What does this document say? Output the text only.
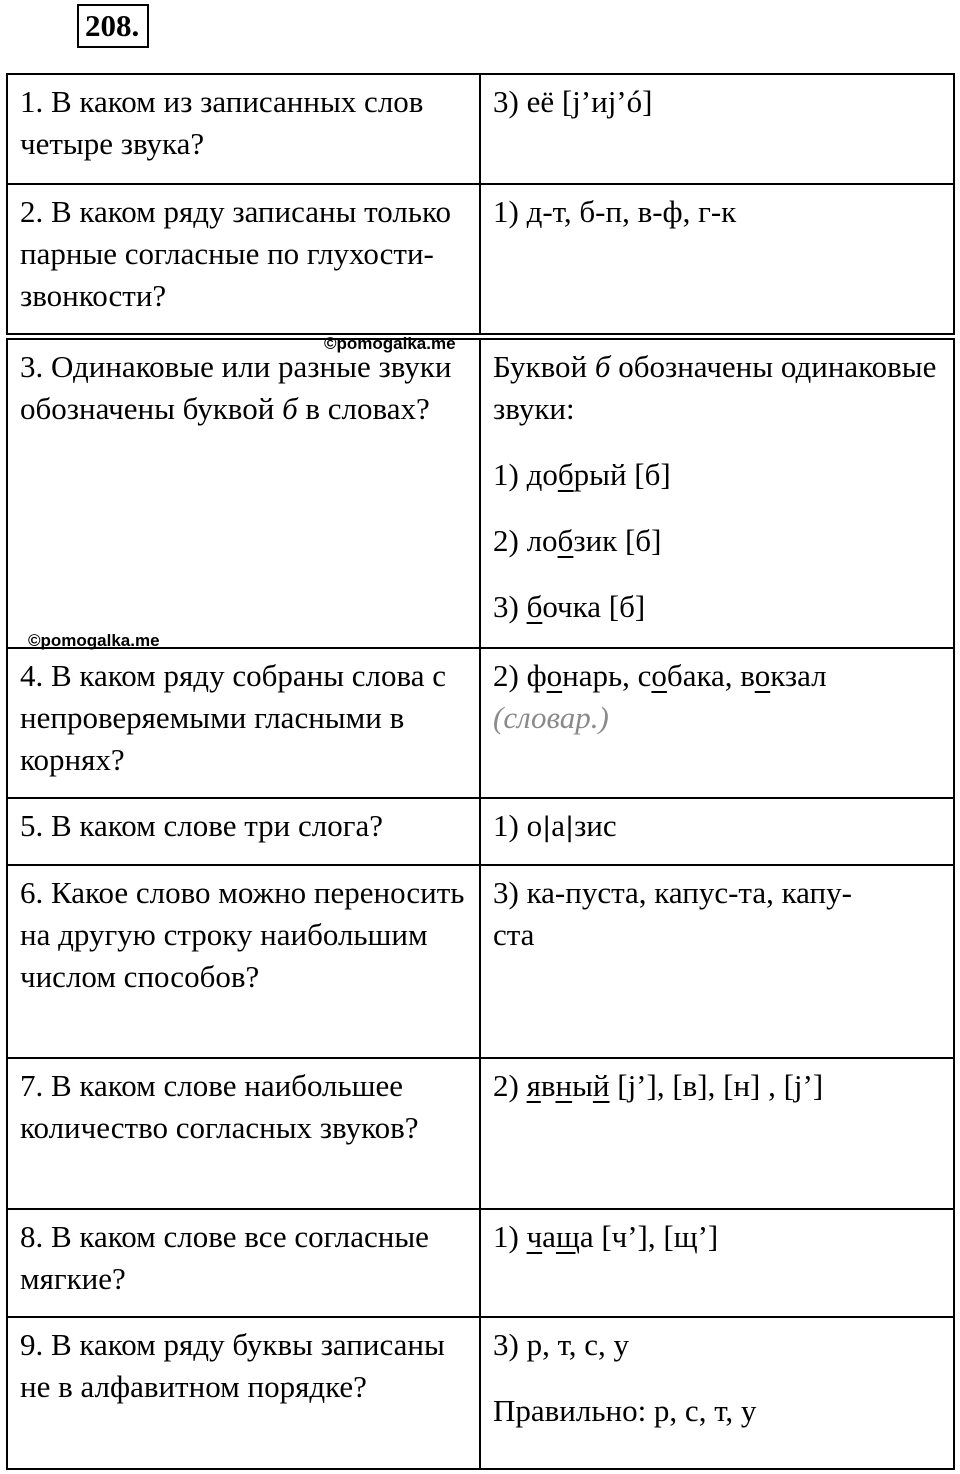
208.
1. В каком из записанных слов четыре звука?	3) её [j’иj’ó]
2. В каком ряду записаны только парные согласные по глухости-звонкости?	1) д-т, б-п, в-ф, г-к
3. Одинаковые или разные звуки обозначены буквой б в словах?	Буквой б обозначены одинаковые звуки:
1) добрый [б]
2) лобзик [б]
3) бочка [б]

4. В каком ряду собраны слова с непроверяемыми гласными в корнях?	2) фонарь, собака, вокзал
(словар.)

5. В каком слове три слога?	1) о|а|зис
6. Какое слово можно переносить на другую строку наибольшим числом способов?	3) ка-пуста, капус-та, капу-
ста
7. В каком слове наибольшее количество согласных звуков?	2) явный [j’], [в], [н] , [j’]
8. В каком слове все согласные мягкие?	1) чаща [ч’], [щ’]
9. В каком ряду буквы записаны не в алфавитном порядке?	3) р, т, с, у
Правильно: р, с, т, у
©pomogalka.me
©pomogalka.me
